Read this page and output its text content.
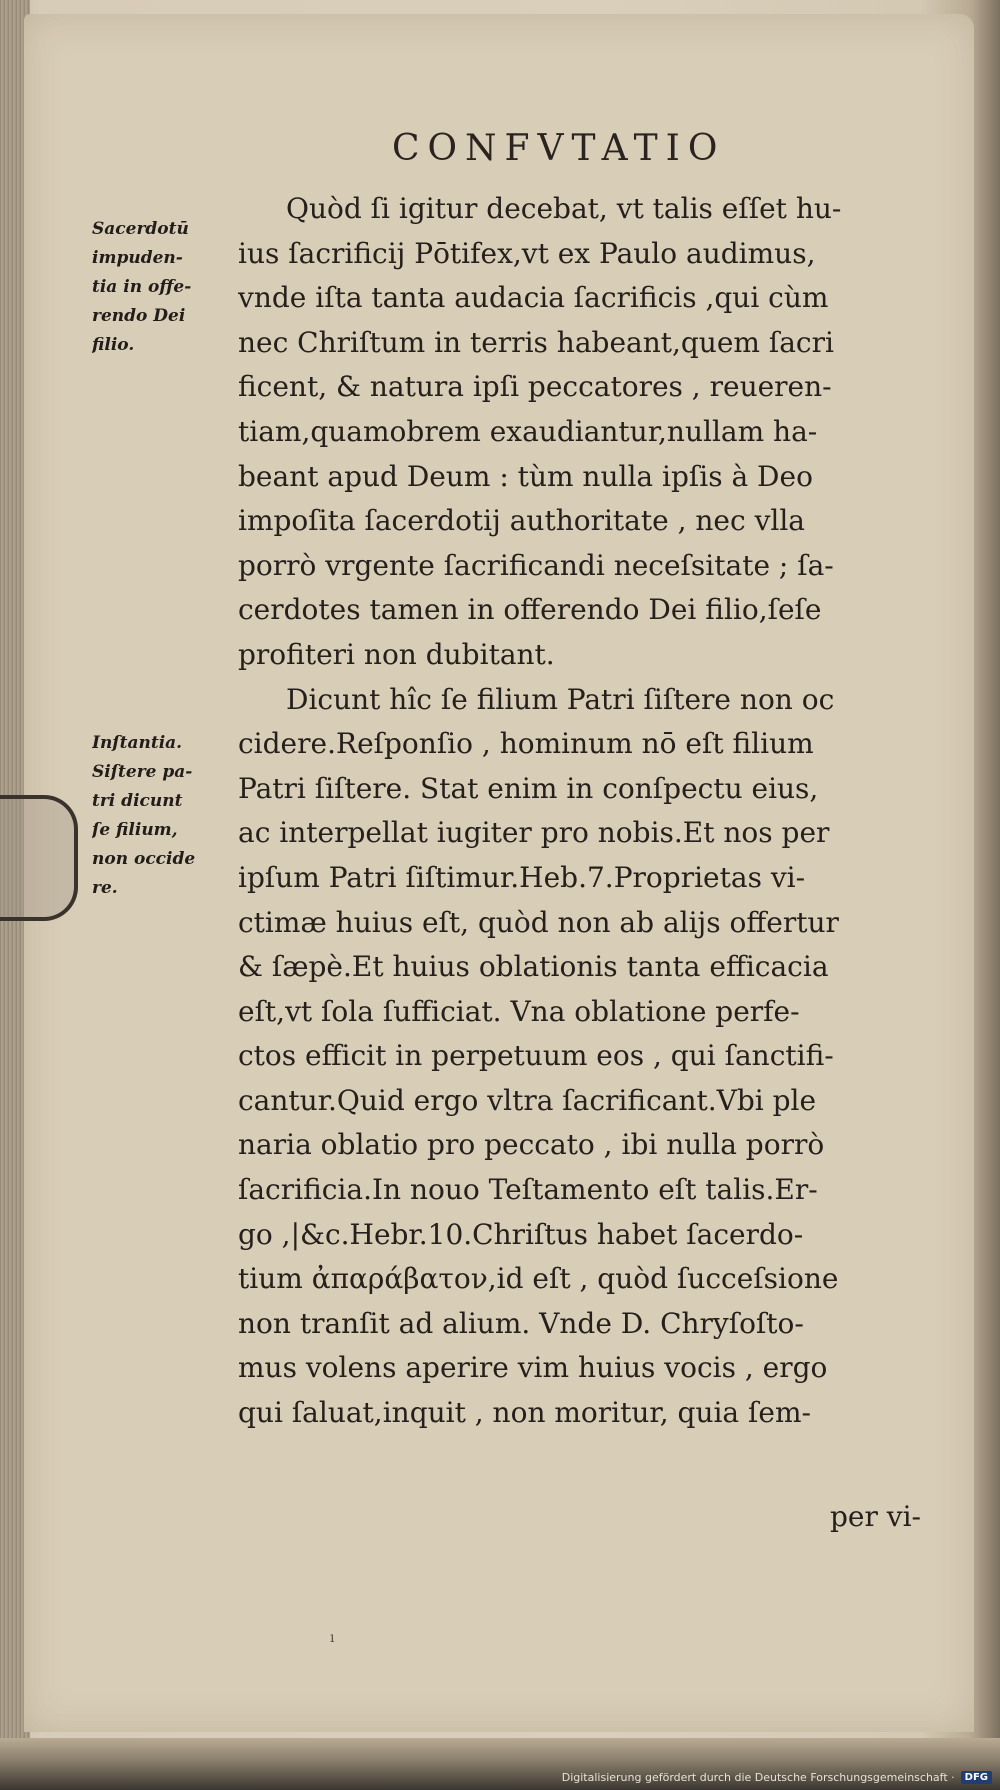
CONFVTATIO
Sacerdotū
impuden-
tia in offe-
rendo Dei
filio.
Inſtantia.
Siſtere pa-
tri dicunt
ſe filium,
non occide
re.
Quòd ſi igitur decebat, vt talis eſſet hu-
ius ſacrificij Pōtifex,vt ex Paulo audimus,
vnde iſta tanta audacia ſacrificis ,qui cùm
nec Chriſtum in terris habeant,quem ſacri
ficent, & natura ipſi peccatores , reueren-
tiam,quamobrem exaudiantur,nullam ha-
beant apud Deum : tùm nulla ipſis à Deo
impoſita ſacerdotij authoritate , nec vlla
porrò vrgente ſacrificandi neceſsitate ; ſa-
cerdotes tamen in offerendo Dei filio,ſeſe
profiteri non dubitant.
Dicunt hîc ſe filium Patri ſiſtere non oc
cidere.Reſponſio , hominum nō eſt filium
Patri ſiſtere. Stat enim in conſpectu eius,
ac interpellat iugiter pro nobis.Et nos per
ipſum Patri ſiſtimur.Heb.7.Proprietas vi-
ctimæ huius eſt, quòd non ab alijs offertur
& ſæpè.Et huius oblationis tanta efficacia
eſt,vt ſola ſufficiat. Vna oblatione perfe-
ctos efficit in perpetuum eos , qui ſanctifi-
cantur.Quid ergo vltra ſacrificant.Vbi ple
naria oblatio pro peccato , ibi nulla porrò
ſacrificia.In nouo Teſtamento eſt talis.Er-
go ,|&c.Hebr.10.Chriſtus habet ſacerdo-
tium ἀπαράβατον,id eſt , quòd ſucceſsione
non tranſit ad alium. Vnde D. Chryſoſto-
mus volens aperire vim huius vocis , ergo
qui ſaluat,inquit , non moritur, quia ſem-
per vi-
ı
Digitalisierung gefördert durch die Deutsche Forschungsgemeinschaft ·	DFG
